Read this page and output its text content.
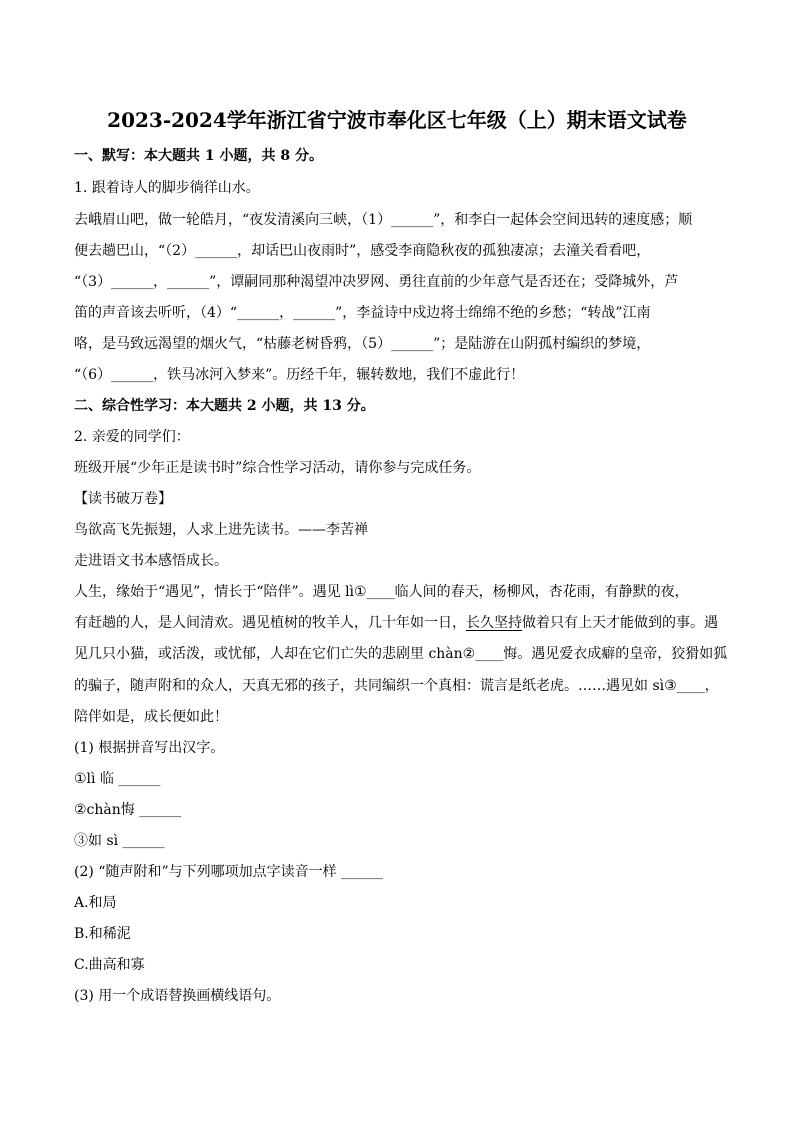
2023-2024学年浙江省宁波市奉化区七年级（上）期末语文试卷
一、默写：本大题共 1 小题，共 8 分。
1. 跟着诗人的脚步徜徉山水。
去峨眉山吧，做一轮皓月，“夜发清溪向三峡，（1）______”，和李白一起体会空间迅转的速度感；顺
便去趟巴山，“（2）______，却话巴山夜雨时”，感受李商隐秋夜的孤独凄凉；去潼关看看吧，
“（3）______，______”，谭嗣同那种渴望冲决罗网、勇往直前的少年意气是否还在；受降城外，芦
笛的声音该去听听，（4）“______，______”，李益诗中戍边将士绵绵不绝的乡愁；“转战”江南
咯，是马致远渴望的烟火气，“枯藤老树昏鸦，（5）______”；是陆游在山阴孤村编织的梦境，
“（6）______，铁马冰河入梦来”。历经千年，辗转数地，我们不虚此行！
二、综合性学习：本大题共 2 小题，共 13 分。
2. 亲爱的同学们：
班级开展“少年正是读书时”综合性学习活动，请你参与完成任务。
【读书破万卷】
鸟欲高飞先振翅，人求上进先读书。——李苦禅
走进语文书本感悟成长。
人生，缘始于“遇见”，情长于“陪伴”。遇见 lì①____临人间的春天，杨柳风，杏花雨，有静默的夜，
有赶趟的人，是人间清欢。遇见植树的牧羊人，几十年如一日，长久坚持做着只有上天才能做到的事。遇
见几只小猫，或活泼，或忧郁，人却在它们亡失的悲剧里 chàn②____悔。遇见爱衣成癖的皇帝，狡猾如狐
的骗子，随声附和的众人，天真无邪的孩子，共同编织一个真相：谎言是纸老虎。……遇见如 sì③____，
陪伴如是，成长便如此！
(1) 根据拼音写出汉字。
①lì 临 ______
②chàn悔 ______
③如 sì ______
(2) “随声附和”与下列哪项加点字读音一样 ______
A.和局
B.和稀泥
C.曲高和寡
(3) 用一个成语替换画横线语句。
